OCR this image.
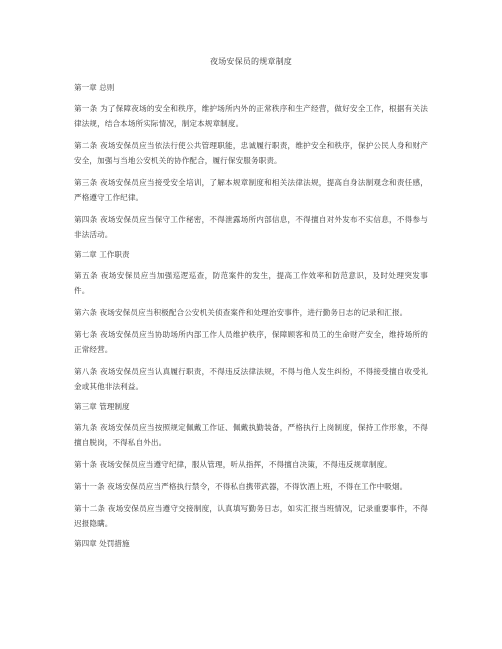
夜场安保员的规章制度
第一章 总则

第一条 为了保障夜场的安全和秩序，维护场所内外的正常秩序和生产经营，做好安全工作，根据有关法律法规，结合本场所实际情况，制定本规章制度。

第二条 夜场安保员应当依法行使公共管理职能，忠诚履行职责，维护安全和秩序，保护公民人身和财产安全，加强与当地公安机关的协作配合，履行保安服务职责。

第三条 夜场安保员应当接受安全培训，了解本规章制度和相关法律法规，提高自身法制观念和责任感，严格遵守工作纪律。

第四条 夜场安保员应当保守工作秘密，不得泄露场所内部信息，不得擅自对外发布不实信息，不得参与非法活动。

第二章 工作职责

第五条 夜场安保员应当加强巡逻巡查，防范案件的发生，提高工作效率和防范意识，及时处理突发事件。

第六条 夜场安保员应当积极配合公安机关侦查案件和处理治安事件，进行勤务日志的记录和汇报。

第七条 夜场安保员应当协助场所内部工作人员维护秩序，保障顾客和员工的生命财产安全，维持场所的正常经营。

第八条 夜场安保员应当认真履行职责，不得违反法律法规，不得与他人发生纠纷，不得接受擅自收受礼金或其他非法利益。

第三章 管理制度

第九条 夜场安保员应当按照规定佩戴工作证、佩戴执勤装备，严格执行上岗制度，保持工作形象，不得擅自脱岗，不得私自外出。

第十条 夜场安保员应当遵守纪律，服从管理，听从指挥，不得擅自决策，不得违反规章制度。

第十一条 夜场安保员应当严格执行禁令，不得私自携带武器，不得饮酒上班，不得在工作中吸烟。

第十二条 夜场安保员应当遵守交接制度，认真填写勤务日志，如实汇报当班情况，记录重要事件，不得迟报隐瞒。

第四章 处罚措施
